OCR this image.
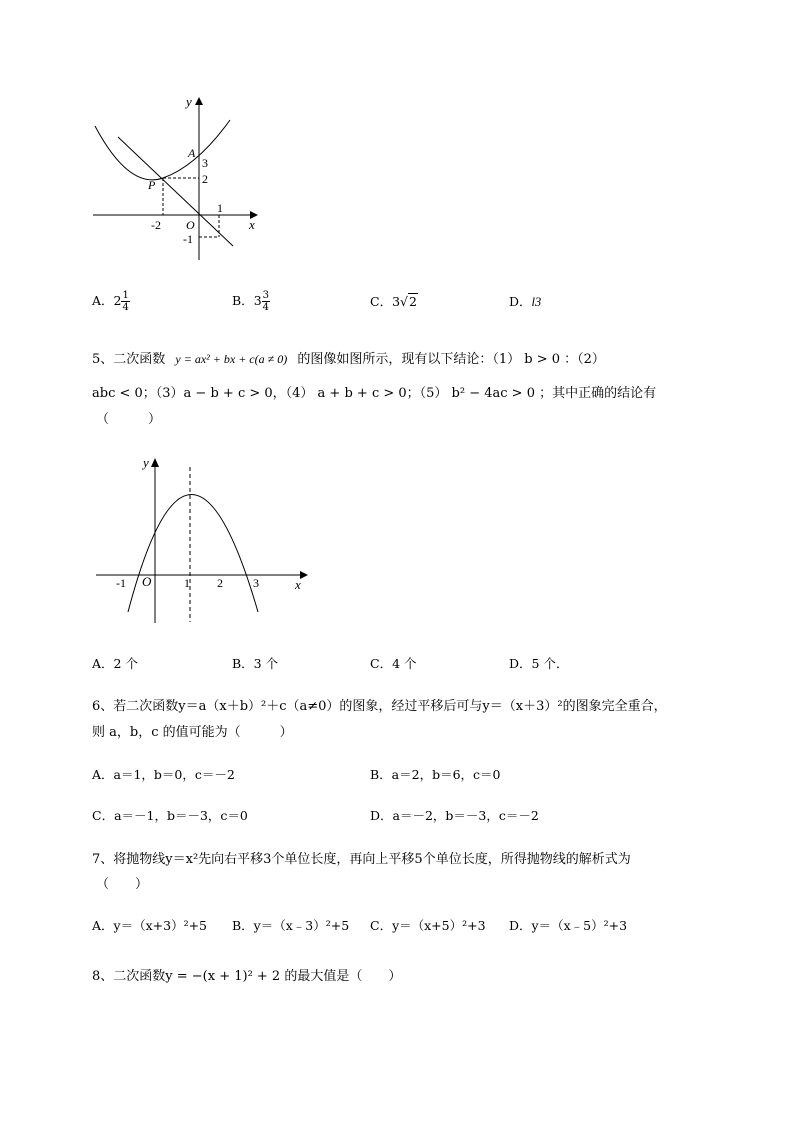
y
x
O
A
P
3
2
-1
-2
1
A．$2 \frac{1}{4}$	B．$3 \frac{3}{4}$	C．3√2	D．l3
5、二次函数 y = ax² + bx + c(a ≠ 0) 的图像如图所示，现有以下结论：（1） b > 0 ：（2）
abc < 0；（3）a − b + c > 0，（4） a + b + c > 0；（5） b² − 4ac > 0 ；其中正确的结论有
（　　　）
y
x
O
-1	1 2	3
A．2 个	B．3 个	C．4 个	D．5 个．
6、若二次函数y＝a（x＋b）²＋c（a≠0）的图象，经过平移后可与y＝（x＋3）²的图象完全重合，
则 a，b，c 的值可能为（　　　）
A．a＝1，b＝0，c＝－2	B．a＝2，b＝6，c＝0
C．a＝－1，b＝－3，c＝0	D．a＝－2，b＝－3，c＝－2
7、将抛物线y＝x²先向右平移3个单位长度，再向上平移5个单位长度，所得抛物线的解析式为
（　　）
A．y＝（x+3）²+5 B．y＝（x﹣3）²+5 C．y＝（x+5）²+3 D．y＝（x﹣5）²+3
8、二次函数y = −(x + 1)² + 2 的最大值是（　　）
